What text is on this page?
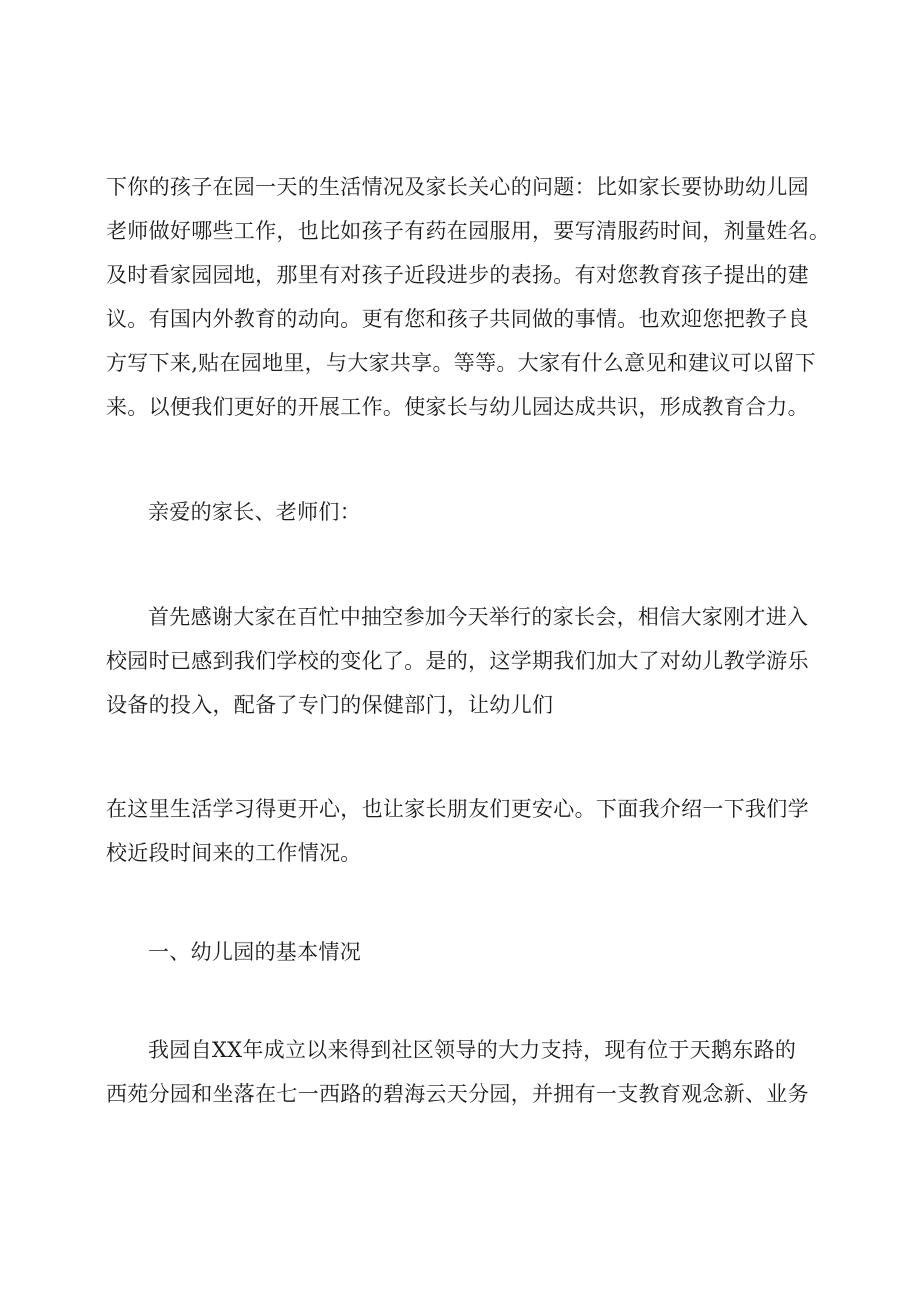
下你的孩子在园一天的生活情况及家长关心的问题：比如家长要协助幼儿园
老师做好哪些工作，也比如孩子有药在园服用，要写清服药时间，剂量姓名。
及时看家园园地，那里有对孩子近段进步的表扬。有对您教育孩子提出的建
议。有国内外教育的动向。更有您和孩子共同做的事情。也欢迎您把教子良
方写下来,贴在园地里，与大家共享。等等。大家有什么意见和建议可以留下
来。以便我们更好的开展工作。使家长与幼儿园达成共识，形成教育合力。
亲爱的家长、老师们：
首先感谢大家在百忙中抽空参加今天举行的家长会，相信大家刚才进入
校园时已感到我们学校的变化了。是的，这学期我们加大了对幼儿教学游乐
设备的投入，配备了专门的保健部门，让幼儿们
在这里生活学习得更开心，也让家长朋友们更安心。下面我介绍一下我们学
校近段时间来的工作情况。
一、幼儿园的基本情况
我园自XX年成立以来得到社区领导的大力支持，现有位于天鹅东路的
西苑分园和坐落在七一西路的碧海云天分园，并拥有一支教育观念新、业务
